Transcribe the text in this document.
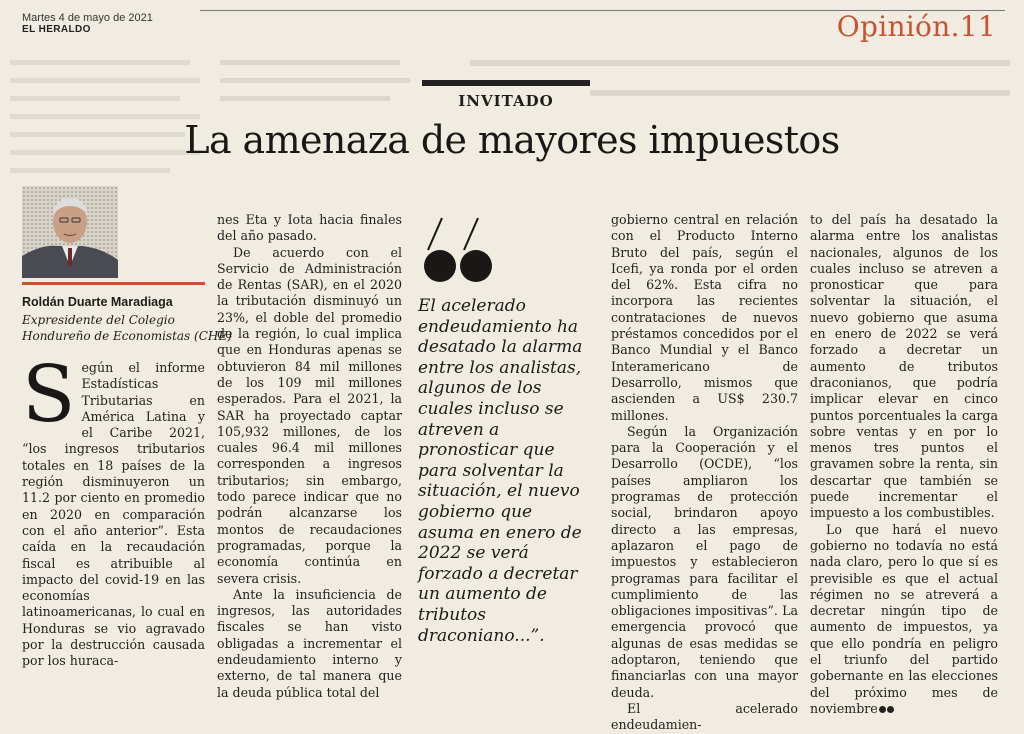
Martes 4 de mayo de 2021
EL HERALDO	Opinión.11
INVITADO
La amenaza de mayores impuestos
Roldán Duarte Maradiaga
Expresidente del Colegio
Hondureño de Economistas (CHE)

Según el informe Estadísticas Tributarias en América Latina y el Caribe 2021, “los ingresos tributarios totales en 18 países de la región disminuyeron un 11.2 por ciento en promedio en 2020 en comparación con el año anterior”. Esta caída en la recaudación fiscal es atribuible al impacto del covid-19 en las economías latinoamericanas, lo cual en Honduras se vio agravado por la destrucción causada por los huraca-

nes Eta y Iota hacia finales del año pasado.

De acuerdo con el Servicio de Administración de Rentas (SAR), en el 2020 la tributación disminuyó un 23%, el doble del promedio de la región, lo cual implica que en Honduras apenas se obtuvieron 84 mil millones de los 109 mil millones esperados. Para el 2021, la SAR ha proyectado captar 105,932 millones, de los cuales 96.4 mil millones corresponden a ingresos tributarios; sin embargo, todo parece indicar que no podrán alcanzarse los montos de recaudaciones programadas, porque la economía continúa en severa crisis.

Ante la insuficiencia de ingresos, las autoridades fiscales se han visto obligadas a incrementar el endeudamiento interno y externo, de tal manera que la deuda pública total del

El acelerado endeudamiento ha desatado la alarma entre los analistas, algunos de los cuales incluso se atreven a pronosticar que para solventar la situación, el nuevo gobierno que asuma en enero de 2022 se verá forzado a decretar un aumento de tributos draconiano...”.

gobierno central en relación con el Producto Interno Bruto del país, según el Icefi, ya ronda por el orden del 62%. Esta cifra no incorpora las recientes contrataciones de nuevos préstamos concedidos por el Banco Mundial y el Banco Interamericano de Desarrollo, mismos que ascienden a US$ 230.7 millones.

Según la Organización para la Cooperación y el Desarrollo (OCDE), “los países ampliaron los programas de protección social, brindaron apoyo directo a las empresas, aplazaron el pago de impuestos y establecieron programas para facilitar el cumplimiento de las obligaciones impositivas”. La emergencia provocó que algunas de esas medidas se adoptaron, teniendo que financiarlas con una mayor deuda.

El acelerado endeudamien-

to del país ha desatado la alarma entre los analistas nacionales, algunos de los cuales incluso se atreven a pronosticar que para solventar la situación, el nuevo gobierno que asuma en enero de 2022 se verá forzado a decretar un aumento de tributos draconianos, que podría implicar elevar en cinco puntos porcentuales la carga sobre ventas y en por lo menos tres puntos el gravamen sobre la renta, sin descartar que también se puede incrementar el impuesto a los combustibles.

Lo que hará el nuevo gobierno no todavía no está nada claro, pero lo que sí es previsible es que el actual régimen no se atreverá a decretar ningún tipo de aumento de impuestos, ya que ello pondría en peligro el triunfo del partido gobernante en las elecciones del próximo mes de noviembre
